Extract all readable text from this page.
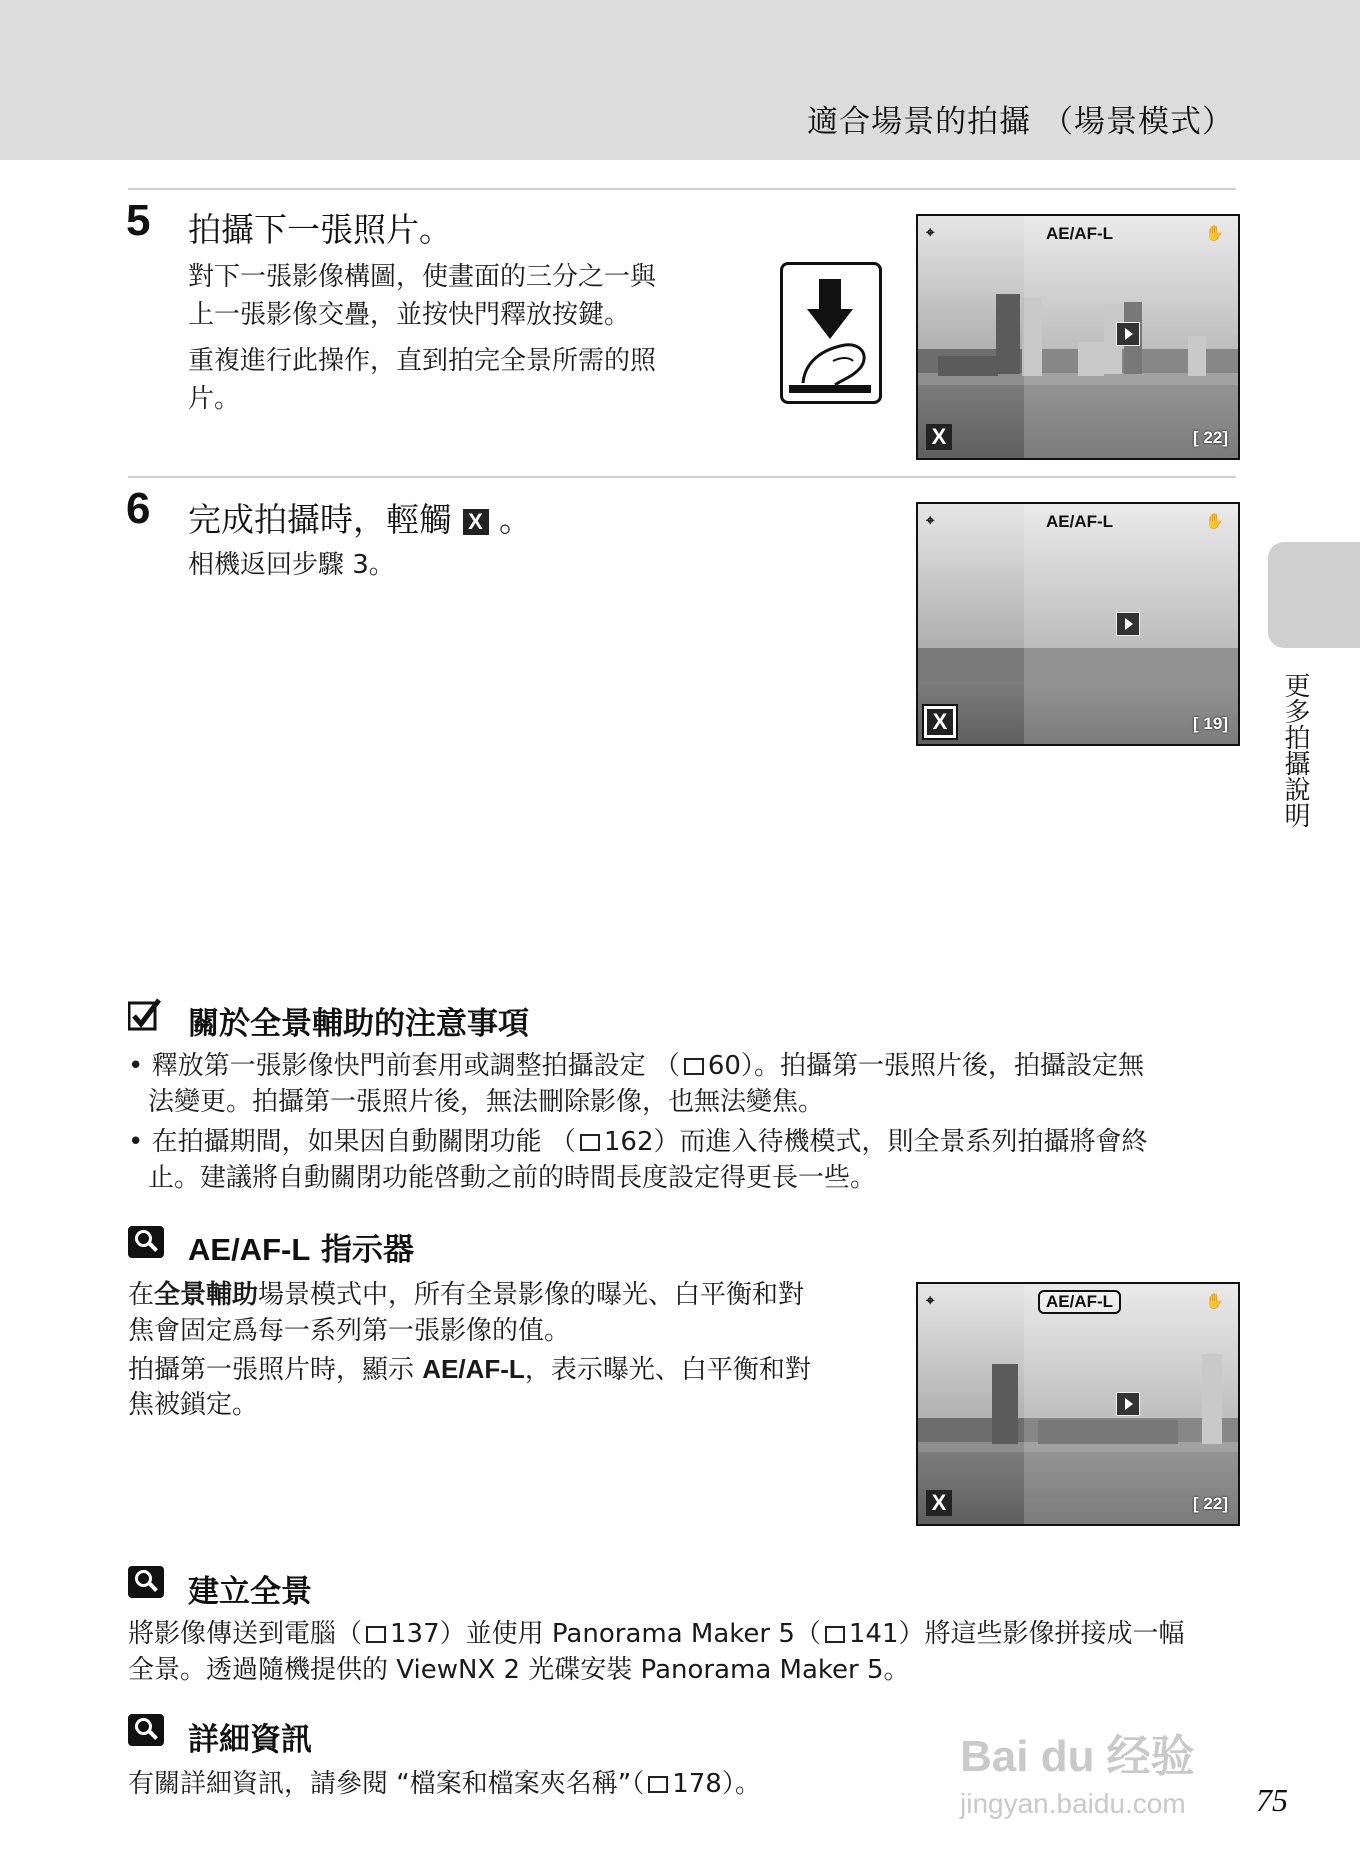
適合場景的拍攝 （場景模式）
5 拍攝下一張照片。
對下一張影像構圖，使畫面的三分之一與
上一張影像交疊，並按快門釋放按鍵。
重複進行此操作，直到拍完全景所需的照
片。
⌖	AE/AF-L	✋
X	[ 22]
6 完成拍攝時，輕觸 X 。
相機返回步驟 3。
⌖	AE/AF-L	✋
X	[ 19] 更多拍攝說明
關於全景輔助的注意事項
• 釋放第一張影像快門前套用或調整拍攝設定 （ 60）。拍攝第一張照片後，拍攝設定無
法變更。拍攝第一張照片後，無法刪除影像，也無法變焦。
• 在拍攝期間，如果因自動關閉功能 （ 162）而進入待機模式，則全景系列拍攝將會終
止。建議將自動關閉功能啓動之前的時間長度設定得更長一些。
AE/AF-L 指示器
在全景輔助場景模式中，所有全景影像的曝光、白平衡和對
焦會固定爲每一系列第一張影像的值。
拍攝第一張照片時，顯示 AE/AF-L，表示曝光、白平衡和對
焦被鎖定。
⌖	AE/AF-L	✋
X	[ 22]
建立全景
將影像傳送到電腦（ 137）並使用 Panorama Maker 5（ 141）將這些影像拼接成一幅
全景。透過隨機提供的 ViewNX 2 光碟安裝 Panorama Maker 5。
詳細資訊
有關詳細資訊，請參閱 “檔案和檔案夾名稱”（ 178）。
Bai du 经验
jingyan.baidu.com	75
